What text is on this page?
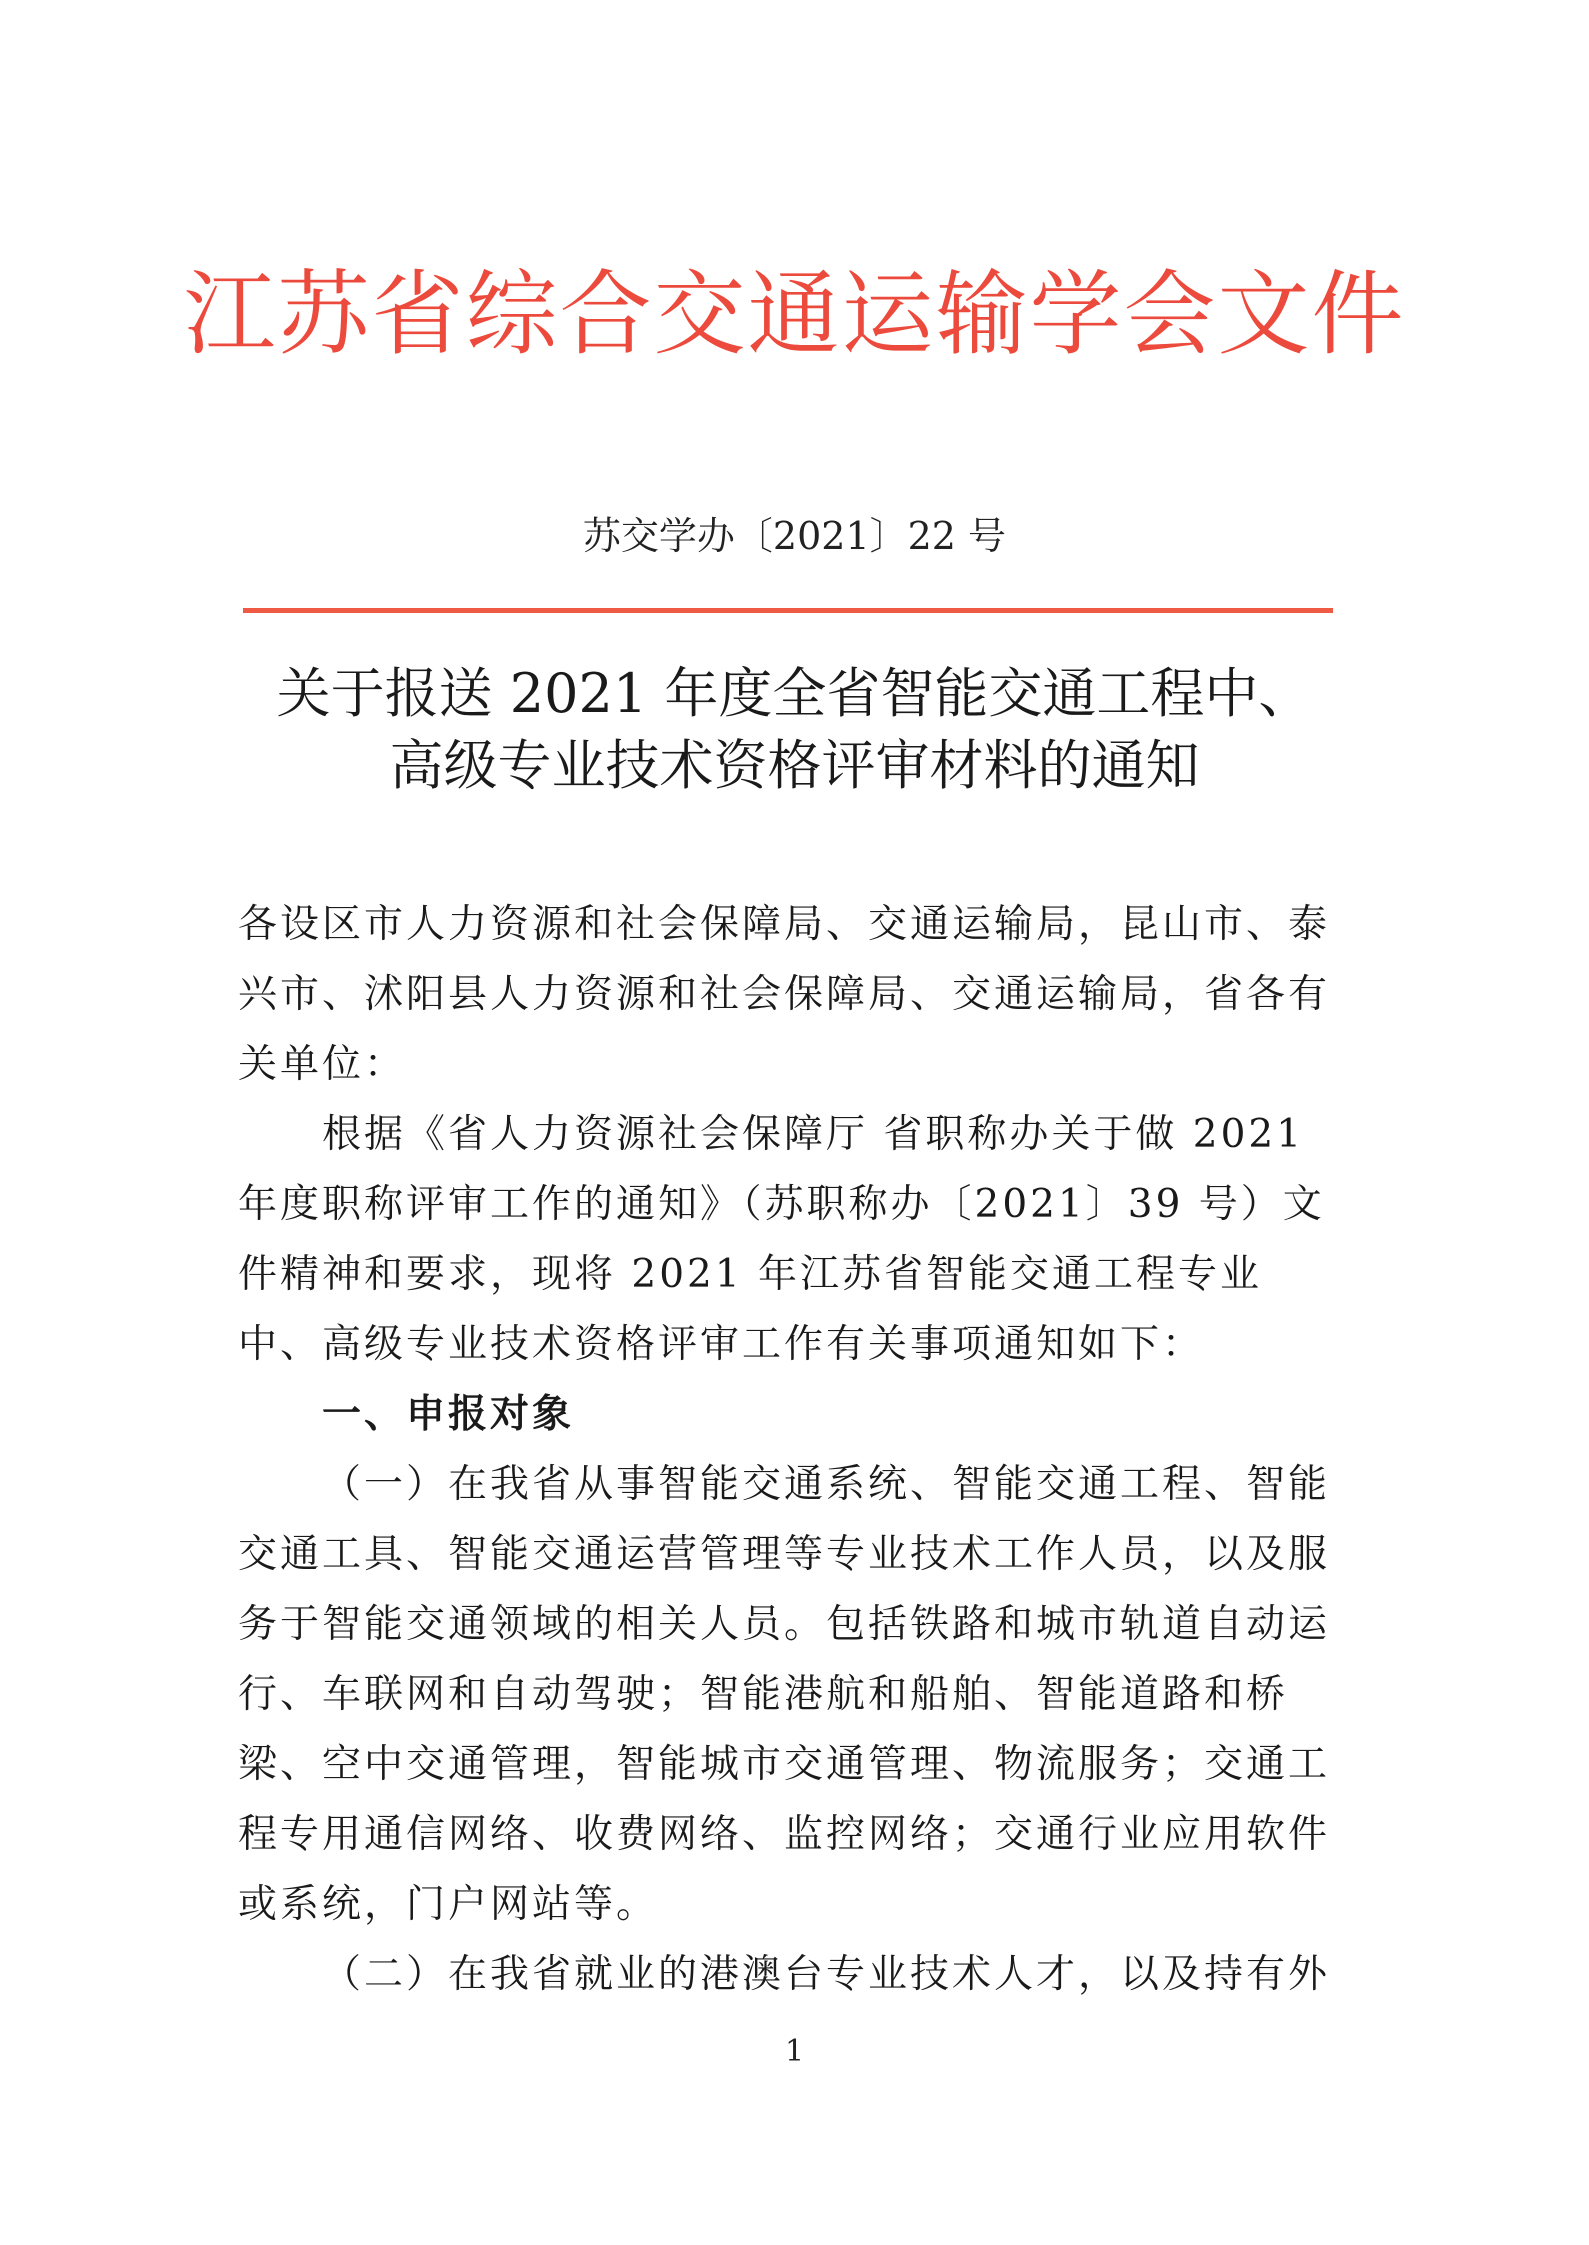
江苏省综合交通运输学会文件
苏交学办〔2021〕22 号
关于报送 2021 年度全省智能交通工程中、
高级专业技术资格评审材料的通知

各设区市人力资源和社会保障局、交通运输局，昆山市、泰兴市、沭阳县人力资源和社会保障局、交通运输局，省各有关单位：

根据《省人力资源社会保障厅 省职称办关于做 2021 年度职称评审工作的通知》（苏职称办〔2021〕39 号）文件精神和要求，现将 2021 年江苏省智能交通工程专业中、高级专业技术资格评审工作有关事项通知如下：

一、申报对象

（一）在我省从事智能交通系统、智能交通工程、智能交通工具、智能交通运营管理等专业技术工作人员，以及服务于智能交通领域的相关人员。包括铁路和城市轨道自动运行、车联网和自动驾驶；智能港航和船舶、智能道路和桥梁、空中交通管理，智能城市交通管理、物流服务；交通工程专用通信网络、收费网络、监控网络；交通行业应用软件或系统，门户网站等。

（二）在我省就业的港澳台专业技术人才，以及持有外

1
